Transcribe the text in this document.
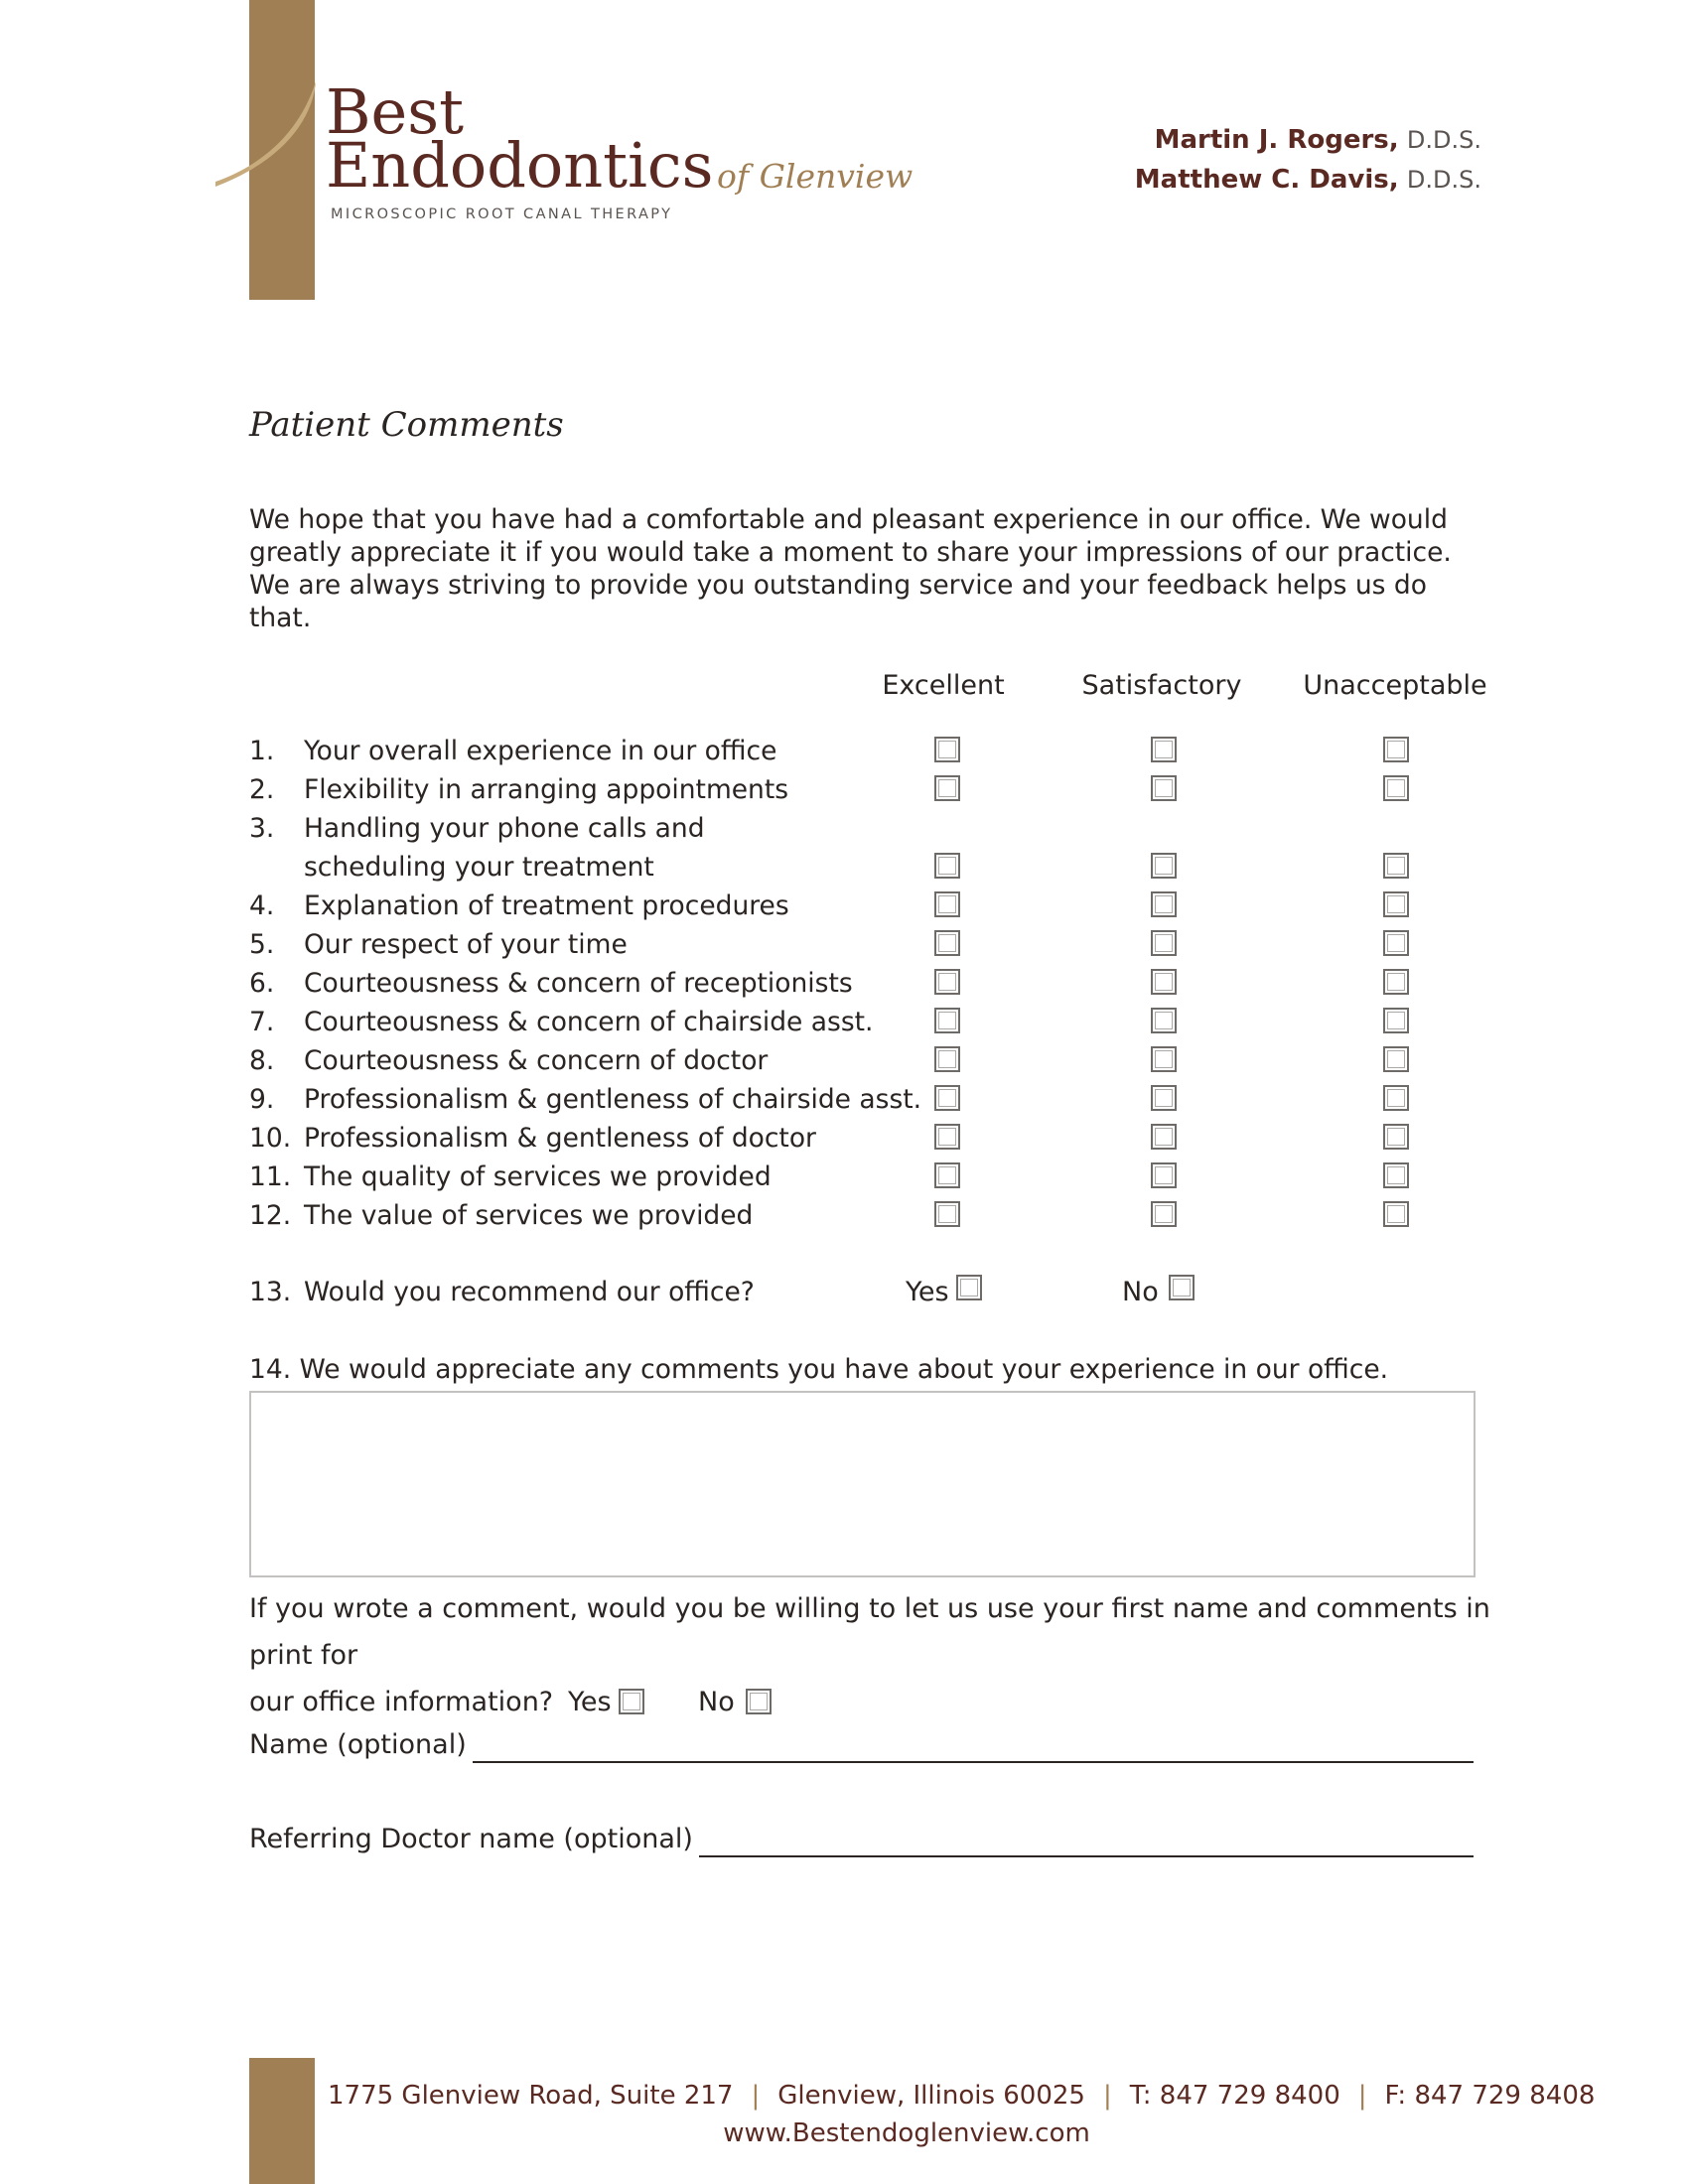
Best
Endodontics of Glenview
MICROSCOPIC ROOT CANAL THERAPY
Martin J. Rogers, D.D.S.
Matthew C. Davis, D.D.S.
Patient Comments
We hope that you have had a comfortable and pleasant experience in our office. We would greatly appreciate it if you would take a moment to share your impressions of our practice. We are always striving to provide you outstanding service and your feedback helps us do that.
Excellent	Satisfactory	Unacceptable
1. Your overall experience in our office
2. Flexibility in arranging appointments
3. Handling your phone calls and
scheduling your treatment
4. Explanation of treatment procedures
5. Our respect of your time
6. Courteousness & concern of receptionists
7. Courteousness & concern of chairside asst.
8. Courteousness & concern of doctor
9. Professionalism & gentleness of chairside asst.
10. Professionalism & gentleness of doctor
11. The quality of services we provided
12. The value of services we provided
13. Would you recommend our office?	Yes	No
14. We would appreciate any comments you have about your experience in our office.
If you wrote a comment, would you be willing to let us use your first name and comments in print for
our office information? Yes	No
Name (optional)
Referring Doctor name (optional)
1775 Glenview Road, Suite 217 | Glenview, Illinois 60025 | T: 847 729 8400 | F: 847 729 8408
www.Bestendoglenview.com
